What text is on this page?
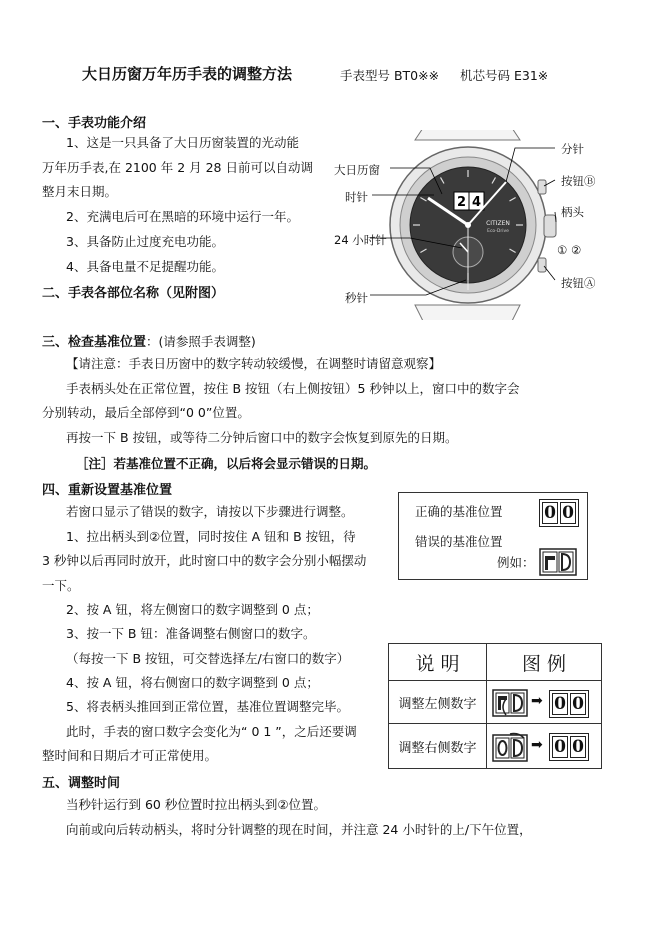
大日历窗万年历手表的调整方法	手表型号 BT0※※ 机芯号码 E31※
一、手表功能介绍
1、这是一只具备了大日历窗装置的光动能
万年历手表,在 2100 年 2 月 28 日前可以自动调
整月末日期。
2、充满电后可在黑暗的环境中运行一年。
3、具备防止过度充电功能。
4、具备电量不足提醒功能。
二、手表各部位名称（见附图）
2 4
CITIZEN
Eco-Drive
大日历窗
时针
24 小时针
秒针
分针
按钮Ⓑ
柄头
① ②
按钮Ⓐ
三、检查基准位置：(请参照手表调整)
【请注意：手表日历窗中的数字转动较缓慢，在调整时请留意观察】
手表柄头处在正常位置，按住 B 按钮（右上侧按钮）5 秒钟以上，窗口中的数字会
分别转动，最后全部停到“0 0”位置。
再按一下 B 按钮，或等待二分钟后窗口中的数字会恢复到原先的日期。
［注］若基准位置不正确，以后将会显示错误的日期。
四、重新设置基准位置
若窗口显示了错误的数字，请按以下步骤进行调整。
1、拉出柄头到②位置，同时按住 A 钮和 B 按钮，待
3 秒钟以后再同时放开，此时窗口中的数字会分别小幅摆动
一下。
2、按 A 钮，将左侧窗口的数字调整到 0 点；
3、按一下 B 钮：准备调整右侧窗口的数字。
（每按一下 B 按钮，可交替选择左/右窗口的数字）
4、按 A 钮，将右侧窗口的数字调整到 0 点；
5、将表柄头推回到正常位置，基准位置调整完毕。
此时，手表的窗口数字会变化为“ 0 1 ”，之后还要调
整时间和日期后才可正常使用。
正确的基准位置 0 0
错误的基准位置
例如：
说 明	图 例
调整左侧数字
调整右侧数字
➡ 0 0
➡ 0 0
五、调整时间
当秒针运行到 60 秒位置时拉出柄头到②位置。
向前或向后转动柄头，将时分针调整的现在时间，并注意 24 小时针的上/下午位置，
